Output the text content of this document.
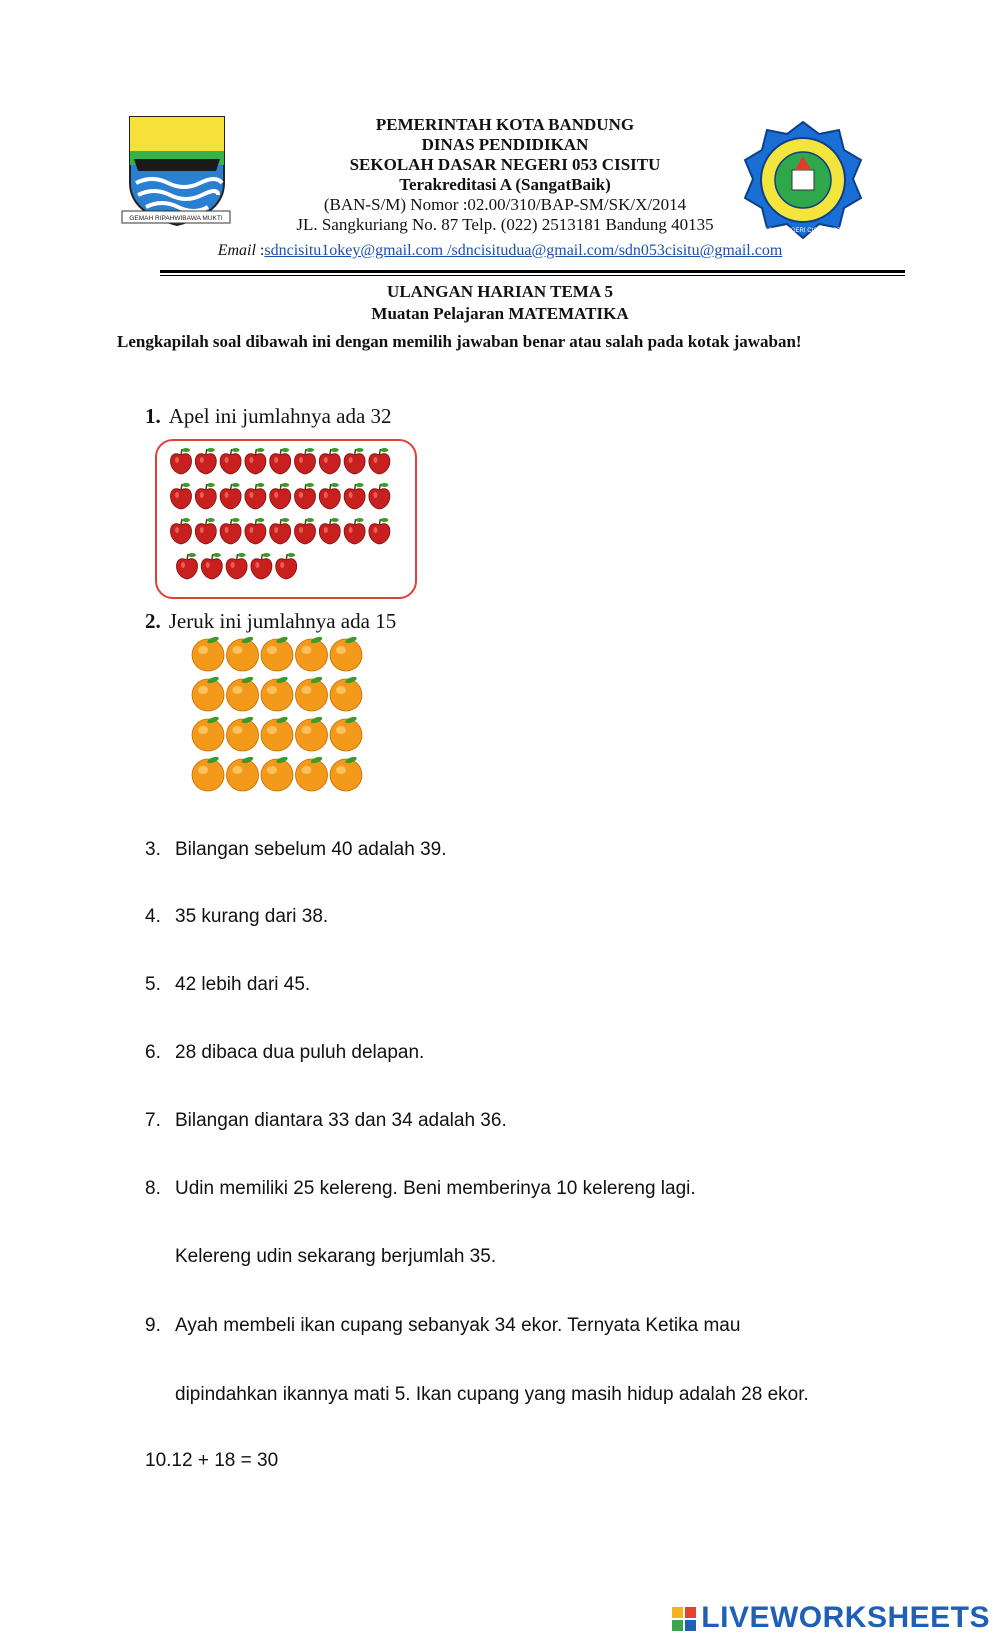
GEMAH RIPAHWIBAWA MUKTI
SEKOLAH DASAR NEGERI CISITU KOTA BANDUNG
PEMERINTAH KOTA BANDUNG
DINAS PENDIDIKAN
SEKOLAH DASAR NEGERI 053 CISITU
Terakreditasi A (SangatBaik)
(BAN-S/M) Nomor :02.00/310/BAP-SM/SK/X/2014
JL. Sangkuriang No. 87 Telp. (022) 2513181 Bandung 40135
Email :sdncisitu1okey@gmail.com /sdncisitudua@gmail.com/sdn053cisitu@gmail.com
ULANGAN HARIAN TEMA 5
Muatan Pelajaran MATEMATIKA
Lengkapilah soal dibawah ini dengan memilih jawaban benar atau salah pada kotak jawaban!
1. Apel ini jumlahnya ada 32
2. Jeruk ini jumlahnya ada 15
3. Bilangan sebelum 40 adalah 39.
4. 35 kurang dari 38.
5. 42 lebih dari 45.
6. 28 dibaca dua puluh delapan.
7. Bilangan diantara 33 dan 34 adalah 36.
8. Udin memiliki 25 kelereng. Beni memberinya 10 kelereng lagi.
Kelereng udin sekarang berjumlah 35.
9. Ayah membeli ikan cupang sebanyak 34 ekor. Ternyata Ketika mau
dipindahkan ikannya mati 5. Ikan cupang yang masih hidup adalah 28 ekor.
10.12 + 18 = 30
LIVEWORKSHEETS
